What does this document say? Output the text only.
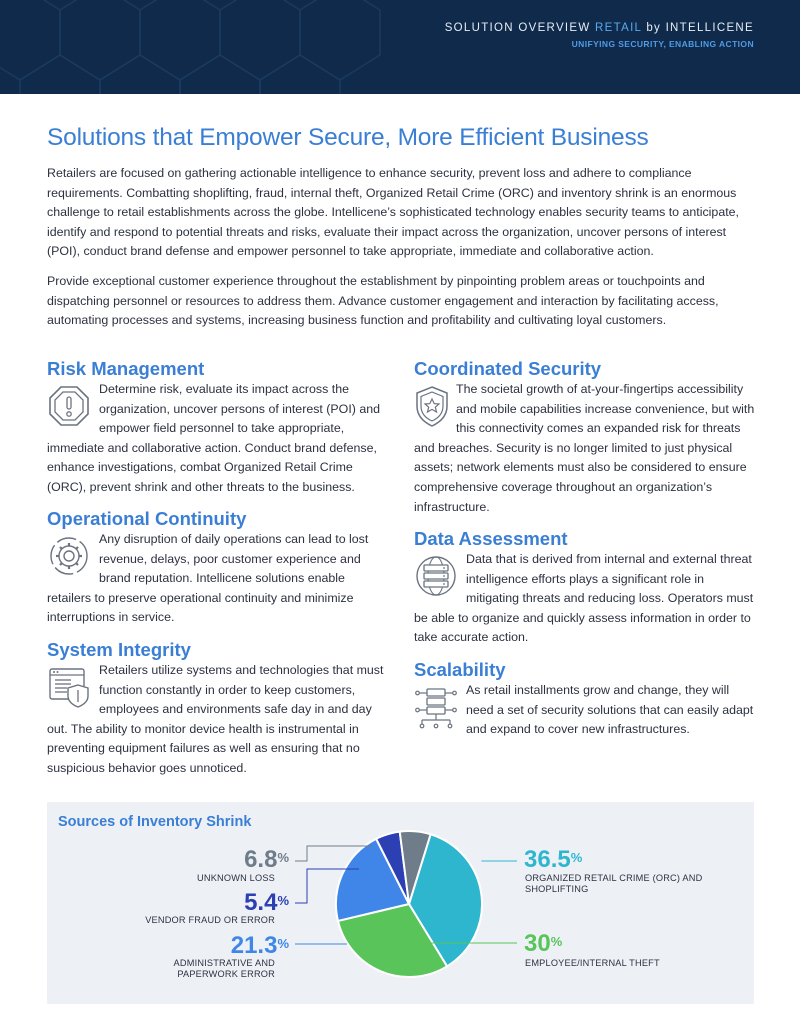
SOLUTION OVERVIEW RETAIL by INTELLICENE
UNIFYING SECURITY, ENABLING ACTION
Solutions that Empower Secure, More Efficient Business
Retailers are focused on gathering actionable intelligence to enhance security, prevent loss and adhere to compliance requirements. Combatting shoplifting, fraud, internal theft, Organized Retail Crime (ORC) and inventory shrink is an enormous challenge to retail establishments across the globe. Intellicene’s sophisticated technology enables security teams to anticipate, identify and respond to potential threats and risks, evaluate their impact across the organization, uncover persons of interest (POI), conduct brand defense and empower personnel to take appropriate, immediate and collaborative action.
Provide exceptional customer experience throughout the establishment by pinpointing problem areas or touchpoints and dispatching personnel or resources to address them. Advance customer engagement and interaction by facilitating access, automating processes and systems, increasing business function and profitability and cultivating loyal customers.
Risk Management
Determine risk, evaluate its impact across the organization, uncover persons of interest (POI) and empower field personnel to take appropriate, immediate and collaborative action. Conduct brand defense, enhance investigations, combat Organized Retail Crime (ORC), prevent shrink and other threats to the business.
Operational Continuity
Any disruption of daily operations can lead to lost revenue, delays, poor customer experience and brand reputation. Intellicene solutions enable retailers to preserve operational continuity and minimize interruptions in service.
System Integrity
Retailers utilize systems and technologies that must function constantly in order to keep customers, employees and environments safe day in and day out. The ability to monitor device health is instrumental in preventing equipment failures as well as ensuring that no suspicious behavior goes unnoticed.
Coordinated Security
The societal growth of at-your-fingertips accessibility and mobile capabilities increase convenience, but with this connectivity comes an expanded risk for threats and breaches. Security is no longer limited to just physical assets; network elements must also be considered to ensure comprehensive coverage throughout an organization’s infrastructure.
Data Assessment
Data that is derived from internal and external threat intelligence efforts plays a significant role in mitigating threats and reducing loss. Operators must be able to organize and quickly assess information in order to take accurate action.
Scalability
As retail installments grow and change, they will need a set of security solutions that can easily adapt and expand to cover new infrastructures.
Sources of Inventory Shrink
6.8%
UNKNOWN LOSS
5.4%
VENDOR FRAUD OR ERROR
21.3%
ADMINISTRATIVE AND PAPERWORK ERROR
36.5%
ORGANIZED RETAIL CRIME (ORC) AND SHOPLIFTING
30%
EMPLOYEE/INTERNAL THEFT
